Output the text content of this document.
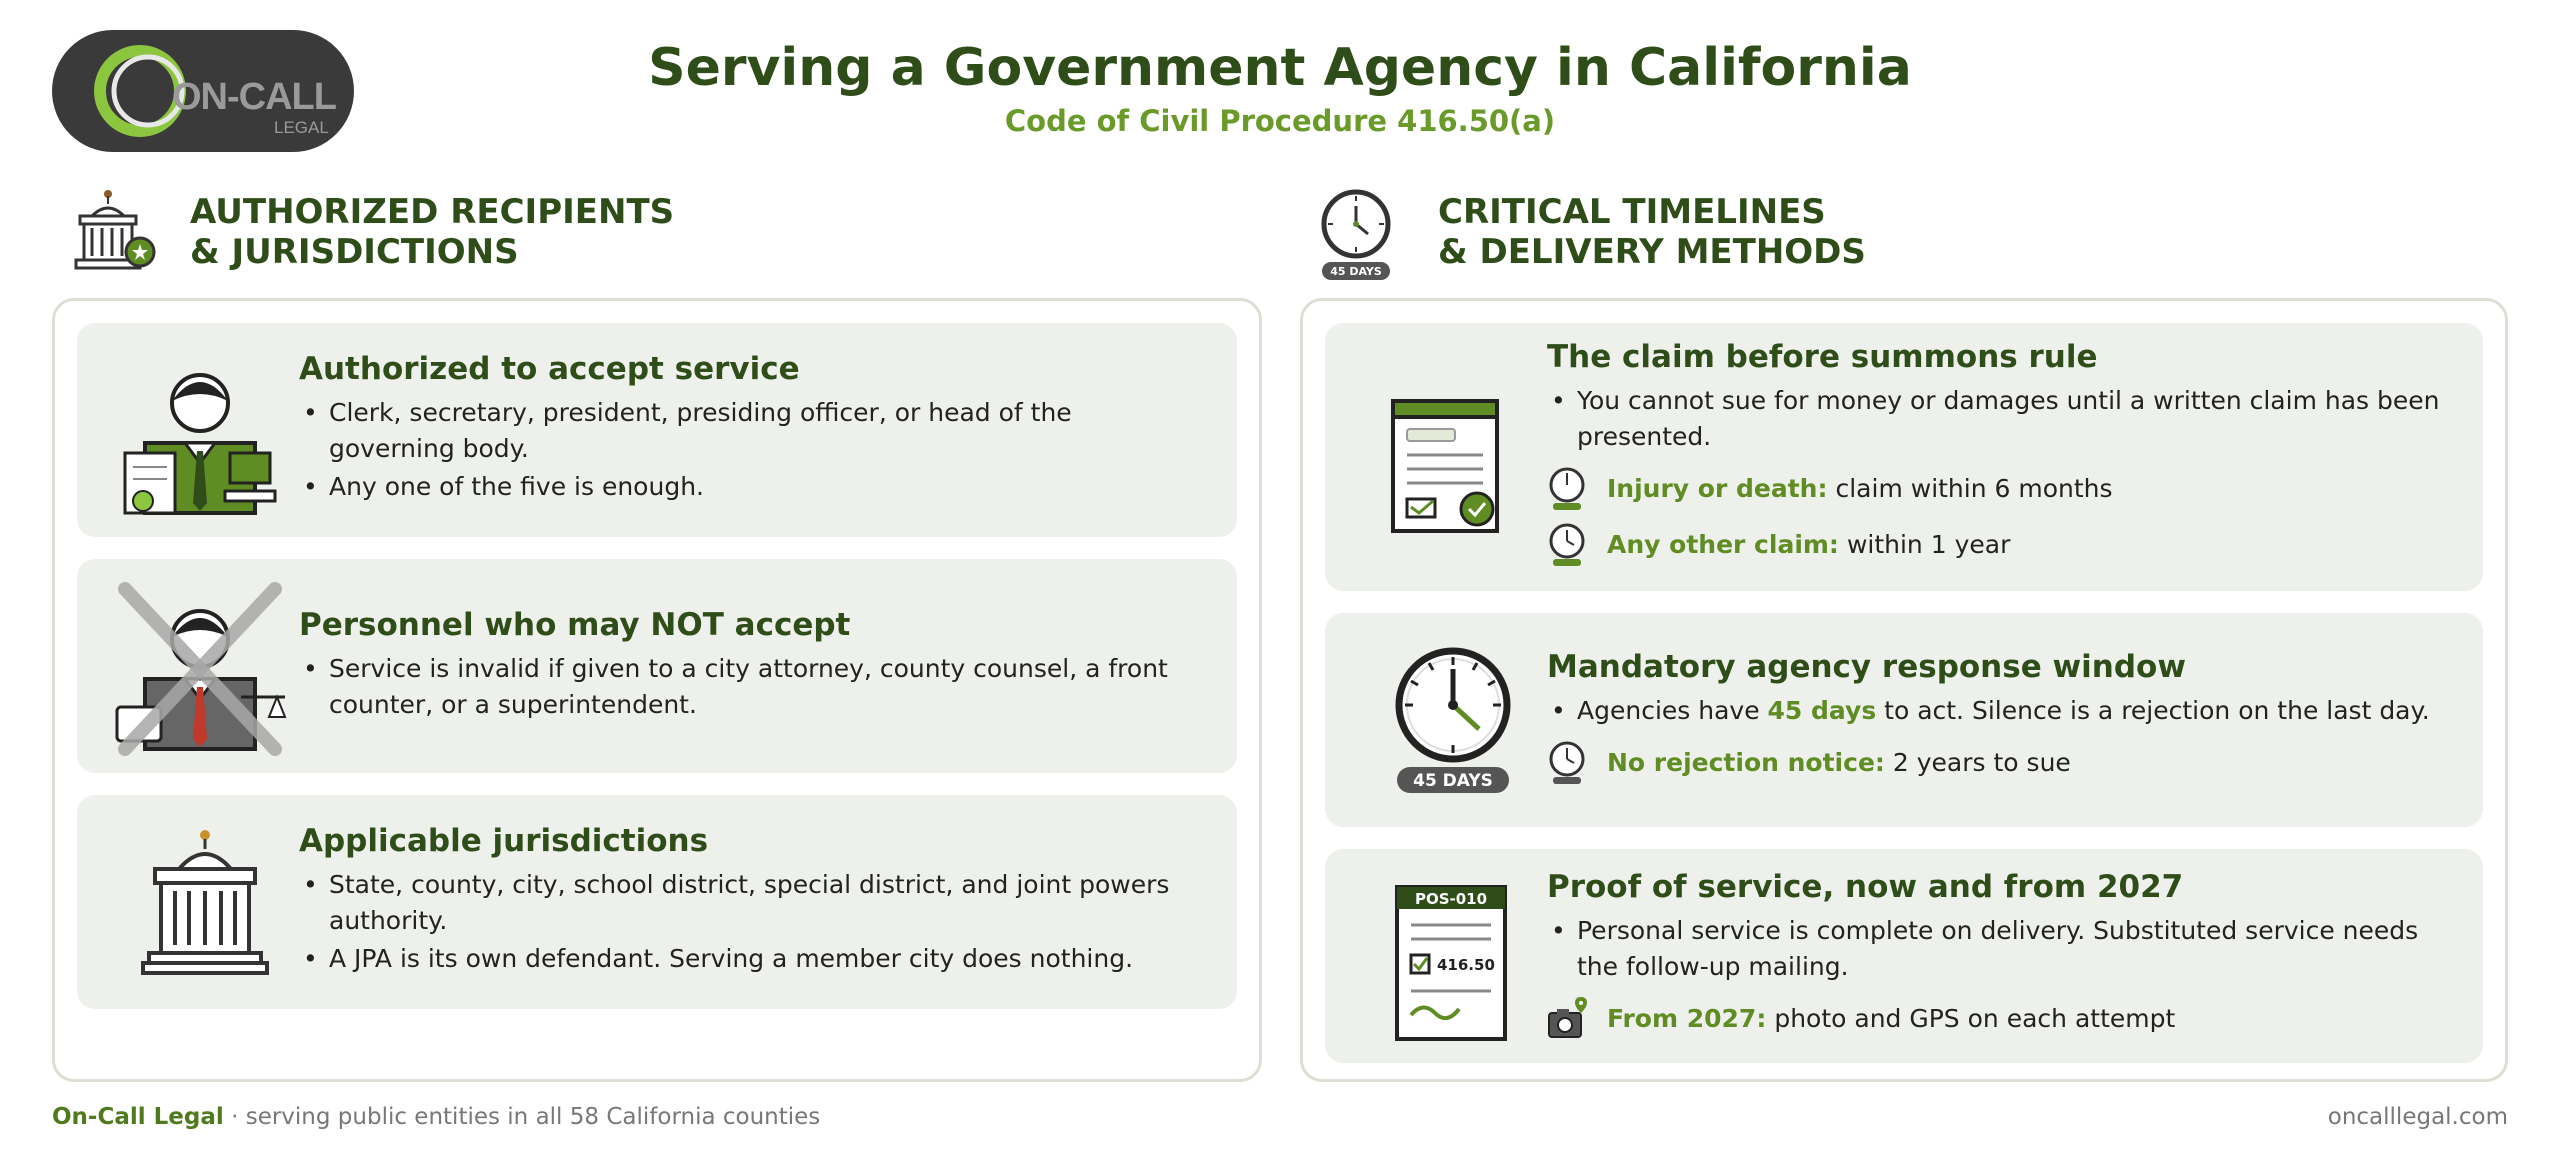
ON-CALL
LEGAL
Serving a Government Agency in California
Code of Civil Procedure 416.50(a)
AUTHORIZED RECIPIENTS
& JURISDICTIONS	45 DAYS
CRITICAL TIMELINES
& DELIVERY METHODS
Authorized to accept service
• Clerk, secretary, president, presiding officer, or head of the governing body.
• Any one of the five is enough.
Personnel who may NOT accept
• Service is invalid if given to a city attorney, county counsel, a front counter, or a superintendent.
Applicable jurisdictions
• State, county, city, school district, special district, and joint powers authority.
• A JPA is its own defendant. Serving a member city does nothing.
The claim before summons rule
• You cannot sue for money or damages until a written claim has been presented.
Injury or death: claim within 6 months
Any other claim: within 1 year
45 DAYS
Mandatory agency response window
• Agencies have 45 days to act. Silence is a rejection on the last day.
No rejection notice: 2 years to sue
POS-010
416.50
Proof of service, now and from 2027
• Personal service is complete on delivery. Substituted service needs the follow-up mailing.
From 2027: photo and GPS on each attempt
On-Call Legal · serving public entities in all 58 California counties	oncalllegal.com
